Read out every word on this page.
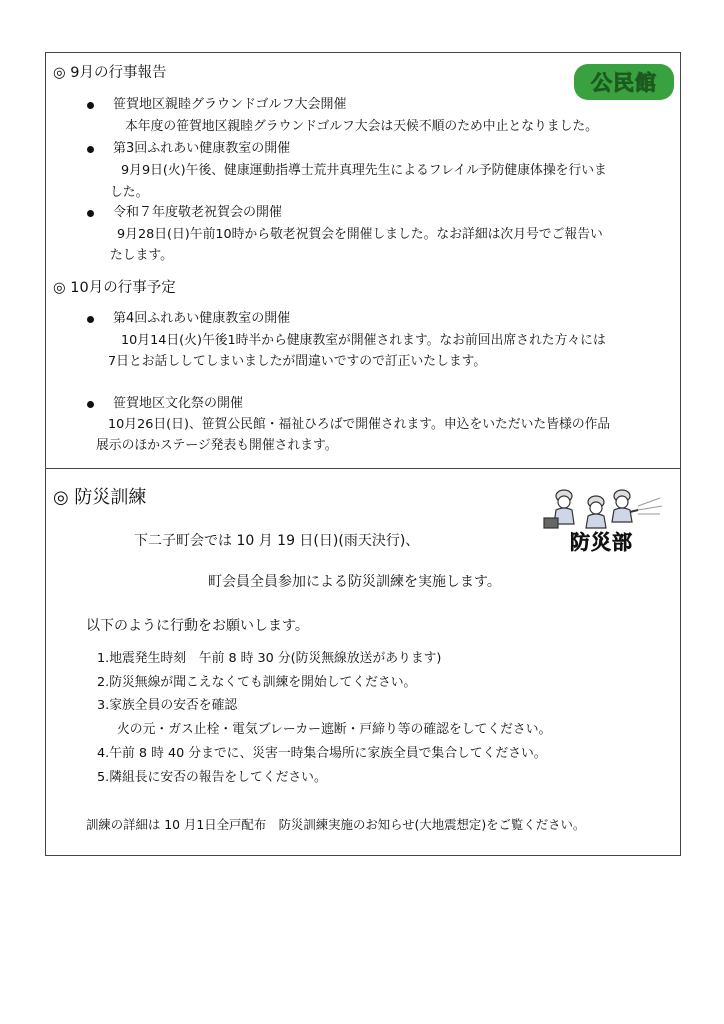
◎ 9月の行事報告	公民館
笹賀地区親睦グラウンドゴルフ大会開催
本年度の笹賀地区親睦グラウンドゴルフ大会は天候不順のため中止となりました。
第3回ふれあい健康教室の開催
9月9日(火)午後、健康運動指導士荒井真理先生によるフレイル予防健康体操を行いま
した。
令和７年度敬老祝賀会の開催
9月28日(日)午前10時から敬老祝賀会を開催しました。なお詳細は次月号でご報告い
たします。
◎ 10月の行事予定
第4回ふれあい健康教室の開催
10月14日(火)午後1時半から健康教室が開催されます。なお前回出席された方々には
7日とお話ししてしまいましたが間違いですので訂正いたします。
笹賀地区文化祭の開催
10月26日(日)、笹賀公民館・福祉ひろばで開催されます。申込をいただいた皆様の作品
展示のほかステージ発表も開催されます。
◎ 防災訓練
防災部
下二子町会では 10 月 19 日(日)(雨天決行)、
町会員全員参加による防災訓練を実施します。
以下のように行動をお願いします。
1.地震発生時刻　午前 8 時 30 分(防災無線放送があります)
2.防災無線が聞こえなくても訓練を開始してください。
3.家族全員の安否を確認
火の元・ガス止栓・電気ブレーカー遮断・戸締り等の確認をしてください。
4.午前 8 時 40 分までに、災害一時集合場所に家族全員で集合してください。
5.隣組長に安否の報告をしてください。
訓練の詳細は 10 月1日全戸配布　防災訓練実施のお知らせ(大地震想定)をご覧ください。
